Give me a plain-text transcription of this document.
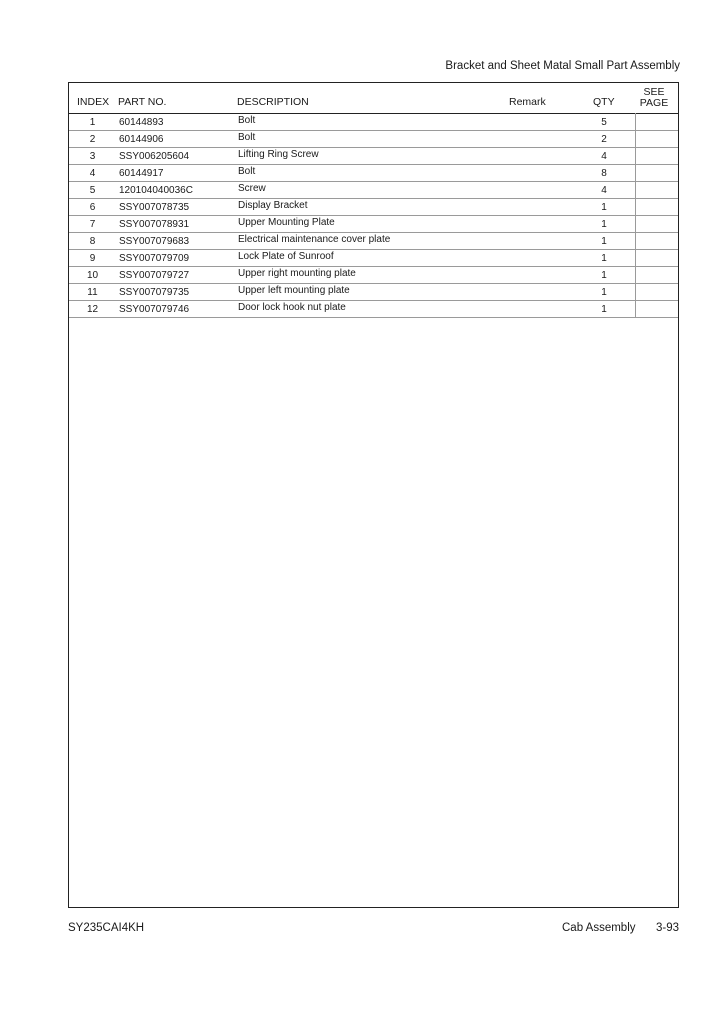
Bracket and Sheet Matal Small Part Assembly
INDEX PART NO.	DESCRIPTION	Remark	QTY
SEE
PAGE
1	60144893	Bolt	5
2	60144906	Bolt	2
3	SSY006205604	Lifting Ring Screw	4
4	60144917	Bolt	8
5	120104040036C	Screw	4
6	SSY007078735	Display Bracket	1
7	SSY007078931	Upper Mounting Plate	1
8	SSY007079683	Electrical maintenance cover plate	1
9	SSY007079709	Lock Plate of Sunroof	1
10	SSY007079727	Upper right mounting plate	1
11	SSY007079735	Upper left mounting plate	1
12	SSY007079746	Door lock hook nut plate	1
SY235CAI4KH	Cab Assembly 3-93
